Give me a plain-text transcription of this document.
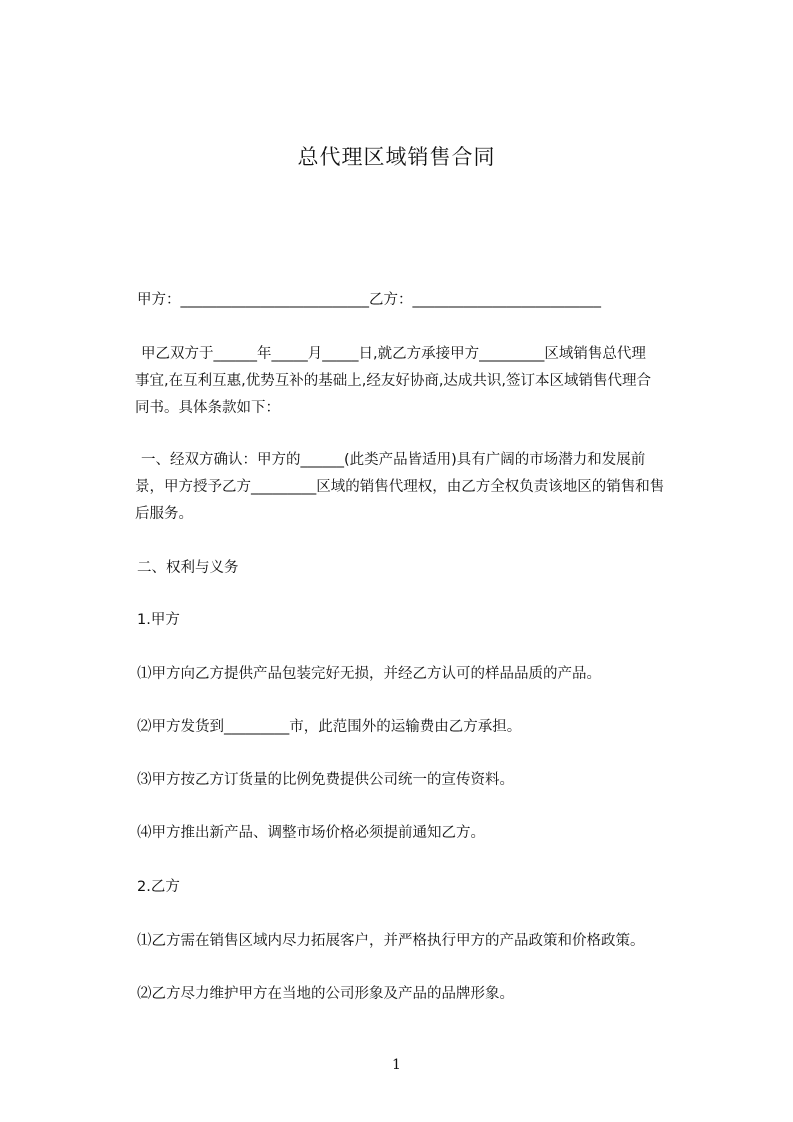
总代理区域销售合同
甲方：__________________________乙方：__________________________
甲乙双方于______年_____月_____日,就乙方承接甲方_________区域销售总代理
事宜,在互利互惠,优势互补的基础上,经友好协商,达成共识,签订本区域销售代理合
同书。具体条款如下：
一、经双方确认：甲方的______(此类产品皆适用)具有广阔的市场潜力和发展前
景，甲方授予乙方_________区域的销售代理权，由乙方全权负责该地区的销售和售
后服务。
二、权利与义务
1.甲方
⑴甲方向乙方提供产品包装完好无损，并经乙方认可的样品品质的产品。
⑵甲方发货到_________市，此范围外的运输费由乙方承担。
⑶甲方按乙方订货量的比例免费提供公司统一的宣传资料。
⑷甲方推出新产品、调整市场价格必须提前通知乙方。
2.乙方
⑴乙方需在销售区域内尽力拓展客户，并严格执行甲方的产品政策和价格政策。
⑵乙方尽力维护甲方在当地的公司形象及产品的品牌形象。
1
